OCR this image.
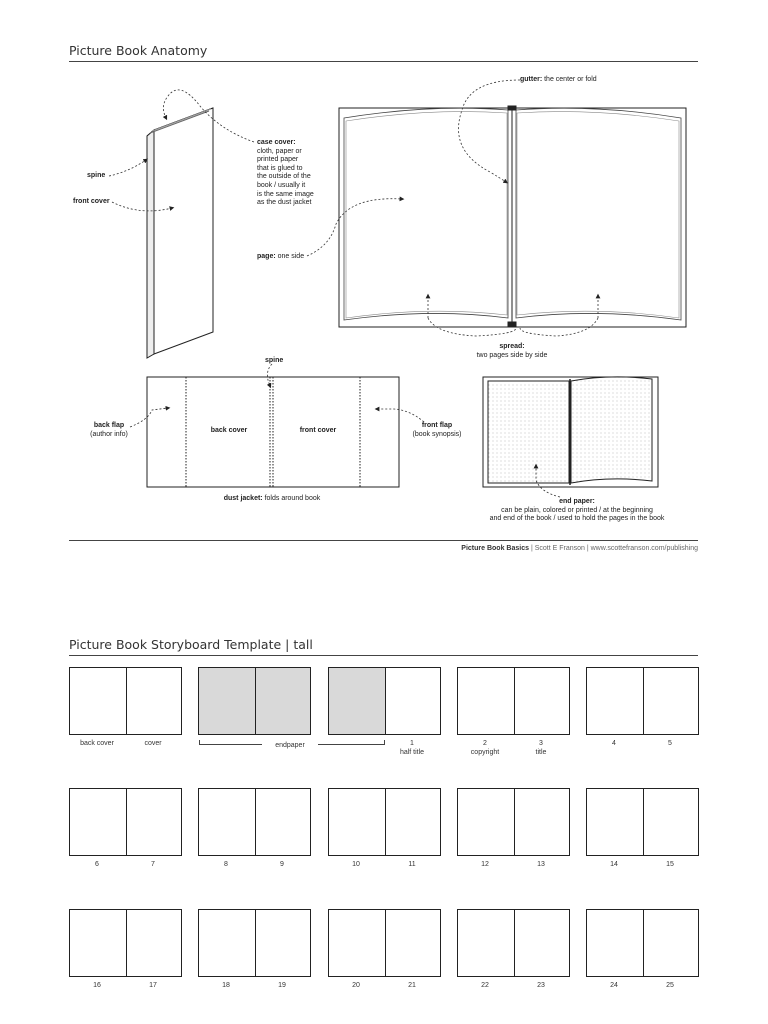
Picture Book Anatomy
spine
front cover
case cover:
cloth, paper or
printed paper
that is glued to
the outside of the
book / usually it
is the same image
as the dust jacket
gutter: the center or fold
page: one side
spread:
two pages side by side
spine
back flap
(author info)
back cover	front cover
front flap
(book synopsis)
dust jacket: folds around book	end paper:
can be plain, colored or printed / at the beginning
and end of the book / used to hold the pages in the book
Picture Book Basics | Scott E Franson | www.scottefranson.com/publishing
Picture Book Storyboard Template | tall
back cover	cover	1
half title
2
copyright
3
title
4	5
6	7	8	9	10	11	12	13	14	15
16	17	18	19	20	21	22	23	24	25
endpaper
